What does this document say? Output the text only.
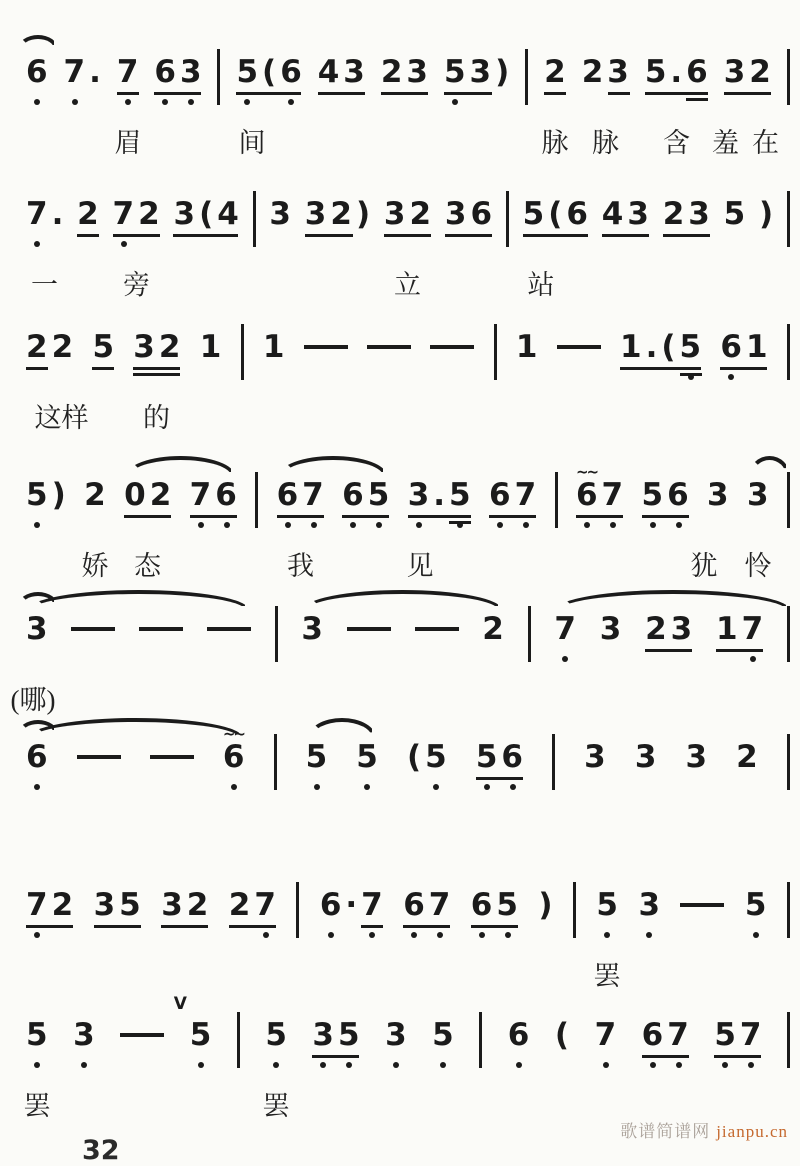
6 7 . 7 6 3 5 ( 6 4 3 2 3 5 3 ) 2 2 3 5 . 6 3 2
眉	间	脉 脉 含 羞 在
7 . 2 7 2 3 ( 4 3 3 2 ) 3 2 3 6 5 ( 6 4 3 2 3 5 )
一 旁	立	站
2 2 5 3 2 1 1	1	1 . ( 5 6 1
这样 的
5 ) 2 0 2 7 6 6 7 6 5 3 . 5 6 7 6 7
~~
5 6 3 3
娇 态	我	见	犹 怜
3	3	2 7 3 2 3 1 7
(哪)
6	6
~~
5 5 ( 5 5 6 3 3 3 2
7 2 3 5 3 2 2 7 6 · 7 6 7 6 5 ) 5 3	5
罢
5 3	5
V
5 3 5 3 5 6 ( 7 6 7 5 7
罢	罢
歌谱简谱网 jianpu.cn
32
